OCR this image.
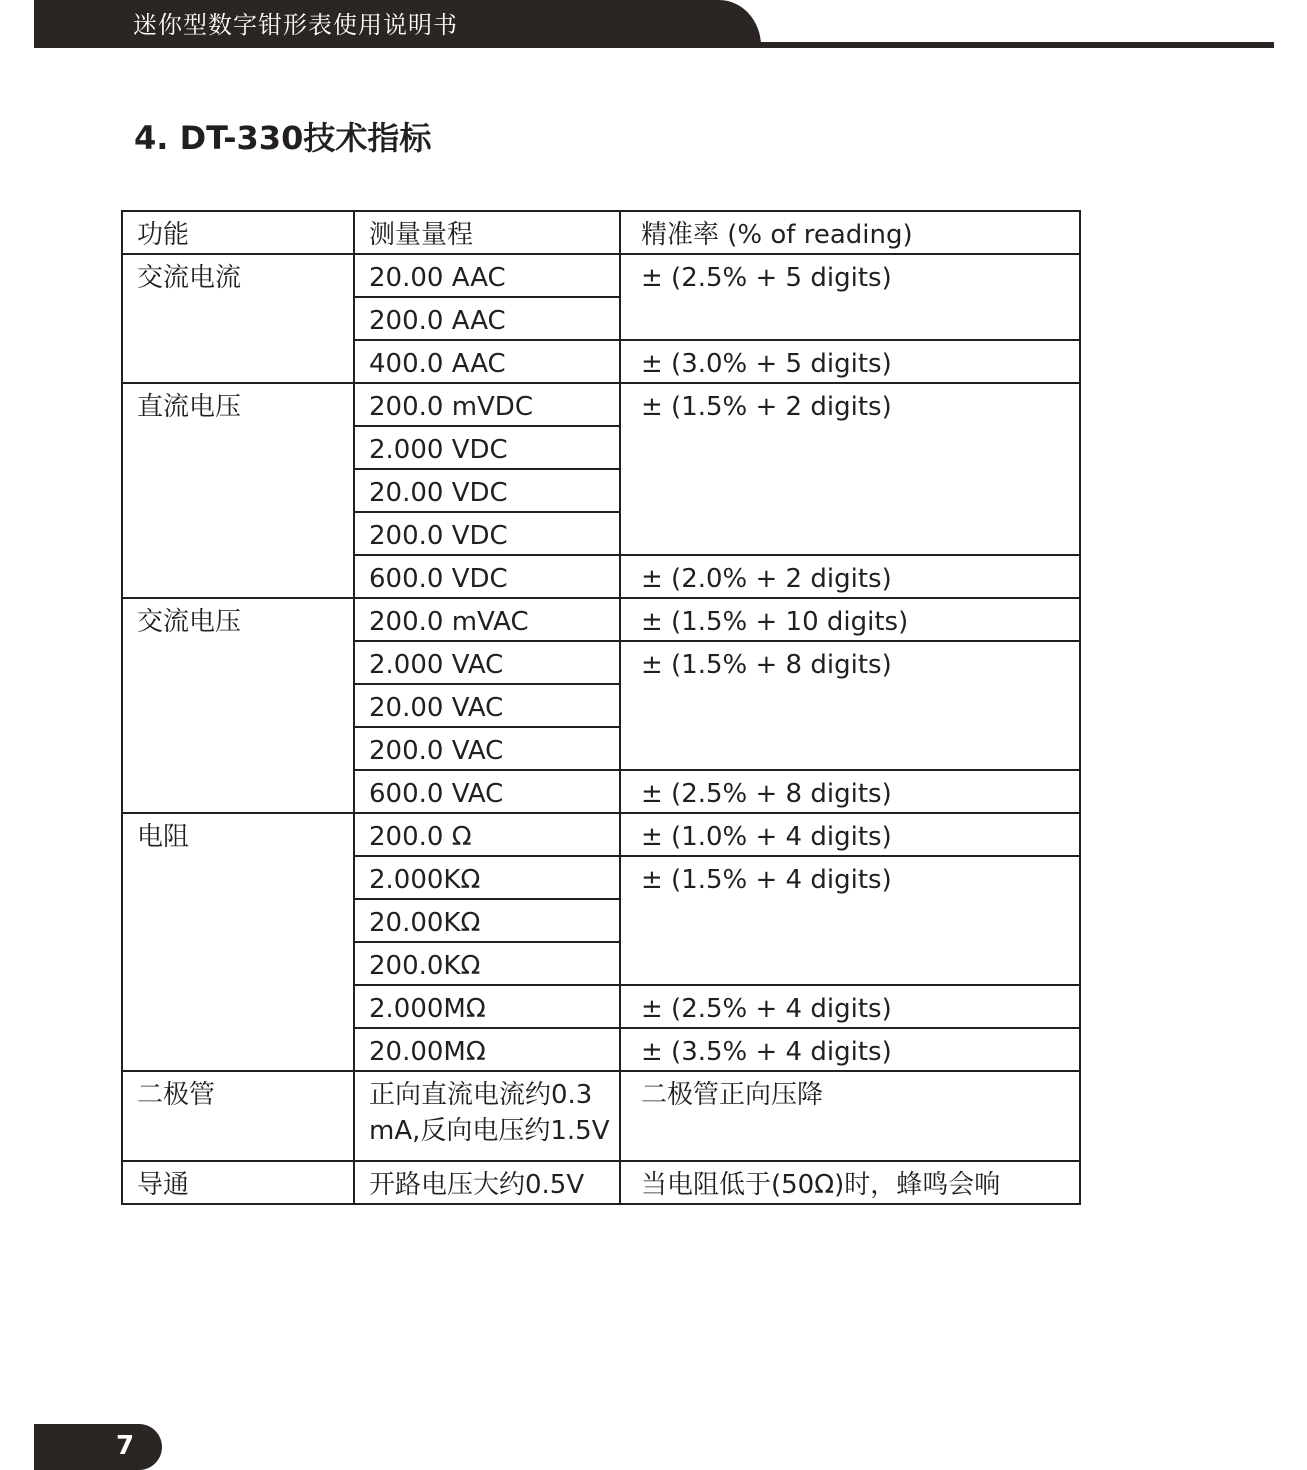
迷你型数字钳形表使用说明书
4. DT-330技术指标
功能	测量量程	精准率 (% of reading)
交流电流	20.00 AAC	± (2.5% + 5 digits)
	200.0 AAC	
	400.0 AAC	± (3.0% + 5 digits)
直流电压	200.0 mVDC	± (1.5% + 2 digits)
	2.000 VDC	
	20.00 VDC	
	200.0 VDC	
	600.0 VDC	± (2.0% + 2 digits)
交流电压	200.0 mVAC	± (1.5% + 10 digits)
	2.000 VAC	± (1.5% + 8 digits)
	20.00 VAC	
	200.0 VAC	
	600.0 VAC	± (2.5% + 8 digits)
电阻	200.0 Ω	± (1.0% + 4 digits)
	2.000KΩ	± (1.5% + 4 digits)
	20.00KΩ	
	200.0KΩ	
	2.000MΩ	± (2.5% + 4 digits)
	20.00MΩ	± (3.5% + 4 digits)
二极管	正向直流电流约0.3 mA,反向电压约1.5V	二极管正向压降
导通	开路电压大约0.5V	当电阻低于(50Ω)时，蜂鸣会响
7
